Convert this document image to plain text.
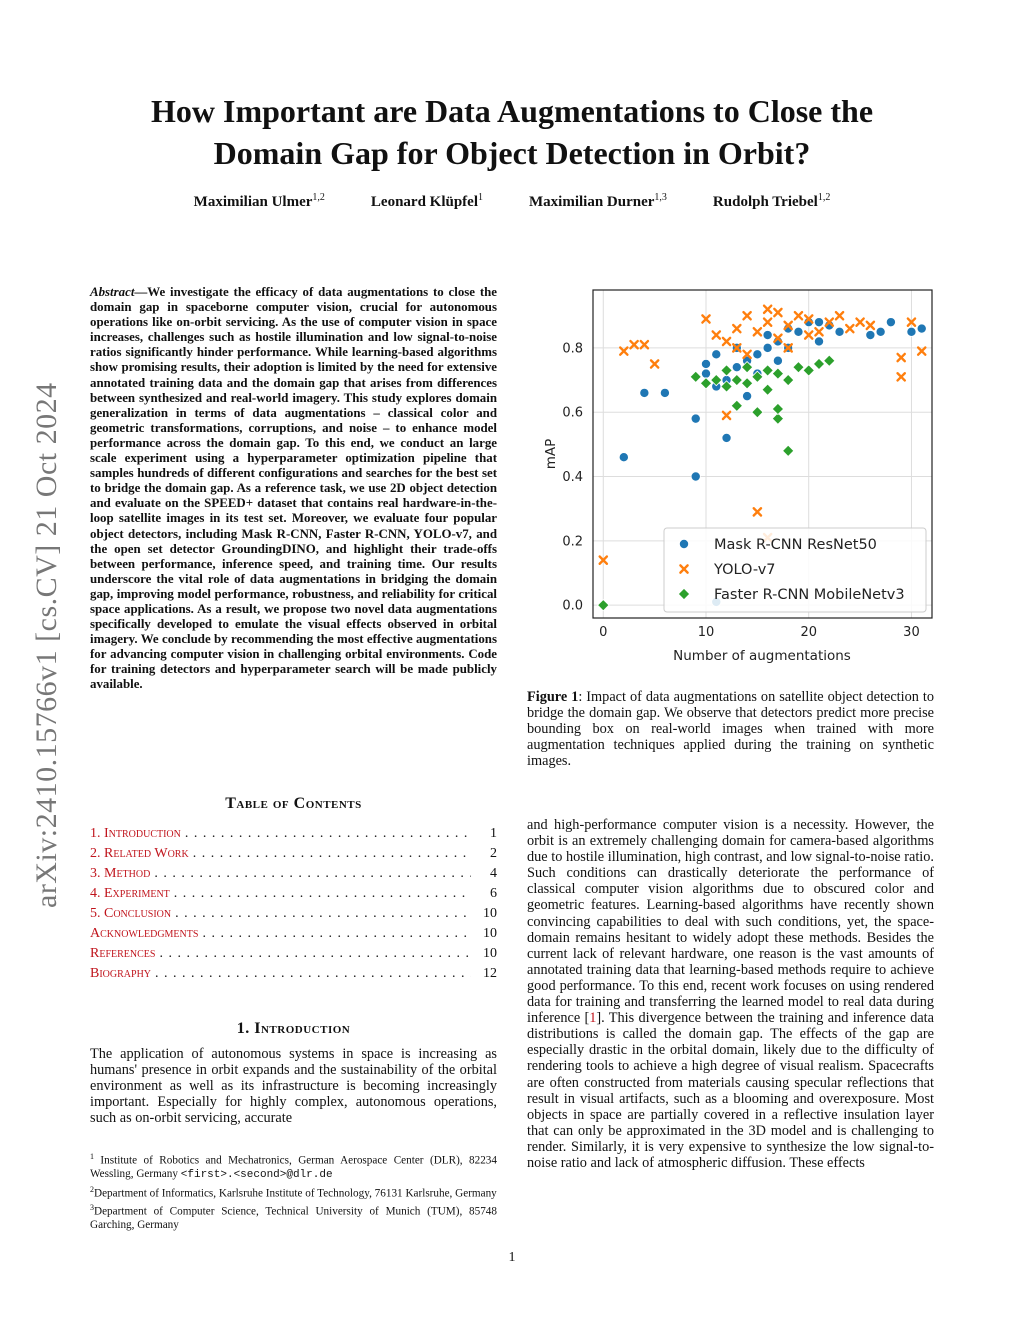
arXiv:2410.15766v1 [cs.CV] 21 Oct 2024
How Important are Data Augmentations to Close the
Domain Gap for Object Detection in Orbit?
Maximilian Ulmer$^{1,2}$	Leonard Klüpfel$^1$	Maximilian Durner$^{1,3}$	Rudolph Triebel$^{1,2}$

Abstract—We investigate the efficacy of data augmentations to close the domain gap in spaceborne computer vision, crucial for autonomous operations like on-orbit servicing. As the use of computer vision in space increases, challenges such as hostile illumination and low signal-to-noise ratios significantly hinder performance. While learning-based algorithms show promising results, their adoption is limited by the need for extensive annotated training data and the domain gap that arises from differences between synthesized and real-world imagery. This study explores domain generalization in terms of data augmentations – classical color and geometric transformations, corruptions, and noise – to enhance model performance across the domain gap. To this end, we conduct an large scale experiment using a hyperparameter optimization pipeline that samples hundreds of different configurations and searches for the best set to bridge the domain gap. As a reference task, we use 2D object detection and evaluate on the SPEED+ dataset that contains real hardware-in-the-loop satellite images in its test set. Moreover, we evaluate four popular object detectors, including Mask R-CNN, Faster R-CNN, YOLO-v7, and the open set detector GroundingDINO, and highlight their trade-offs between performance, inference speed, and training time. Our results underscore the vital role of data augmentations in bridging the domain gap, improving model performance, robustness, and reliability for critical space applications. As a result, we propose two novel data augmentations specifically developed to emulate the visual effects observed in orbital imagery. We conclude by recommending the most effective augmentations for advancing computer vision in challenging orbital environments. Code for training detectors and hyperparameter search will be made publicly available.

Table of Contents
1. Introduction . . .	1
2. Related Work . . .	2
3. Method . . .	4
4. Experiment . . .	6
5. Conclusion . . .	10
Acknowledgments . . .	10
References . . .	10
Biography . . .	12
1. Introduction

The application of autonomous systems in space is increasing as humans' presence in orbit expands and the sustainability of the orbital environment as well as its infrastructure is becoming increasingly important. Especially for highly complex, autonomous operations, such as on-orbit servicing, accurate

$^1$ Institute of Robotics and Mechatronics, German Aerospace Center (DLR), 82234 Wessling, Germany <first>.<second>@dlr.de

$^2$Department of Informatics, Karlsruhe Institute of Technology, 76131 Karlsruhe, Germany

$^3$Department of Computer Science, Technical University of Munich (TUM), 85748 Garching, Germany

0	10	20	30
0.0
0.2
0.4
0.6
0.8
Mask R-CNN ResNet50
YOLO-v7
Faster R-CNN MobileNetv3
Number of augmentations
mAP

Figure 1: Impact of data augmentations on satellite object detection to bridge the domain gap. We observe that detectors predict more precise bounding box on real-world images when trained with more augmentation techniques applied during the training on synthetic images.

and high-performance computer vision is a necessity. However, the orbit is an extremely challenging domain for camera-based algorithms due to hostile illumination, high contrast, and low signal-to-noise ratio. Such conditions can drastically deteriorate the performance of classical computer vision algorithms due to obscured color and geometric features. Learning-based algorithms have recently shown convincing capabilities to deal with such conditions, yet, the space-domain remains hesitant to widely adopt these methods. Besides the current lack of relevant hardware, one reason is the vast amounts of annotated training data that learning-based methods require to achieve good performance. To this end, recent work focuses on using rendered data for training and transferring the learned model to real data during inference [1]. This divergence between the training and inference data distributions is called the domain gap. The effects of the gap are especially drastic in the orbital domain, likely due to the difficulty of rendering tools to achieve a high degree of visual realism. Spacecrafts are often constructed from materials causing specular reflections that result in visual artifacts, such as a blooming and overexposure. Most objects in space are partially covered in a reflective insulation layer that can only be approximated in the 3D model and is challenging to render. Similarly, it is very expensive to synthesize the low signal-to-noise ratio and lack of atmospheric diffusion. These effects

1
